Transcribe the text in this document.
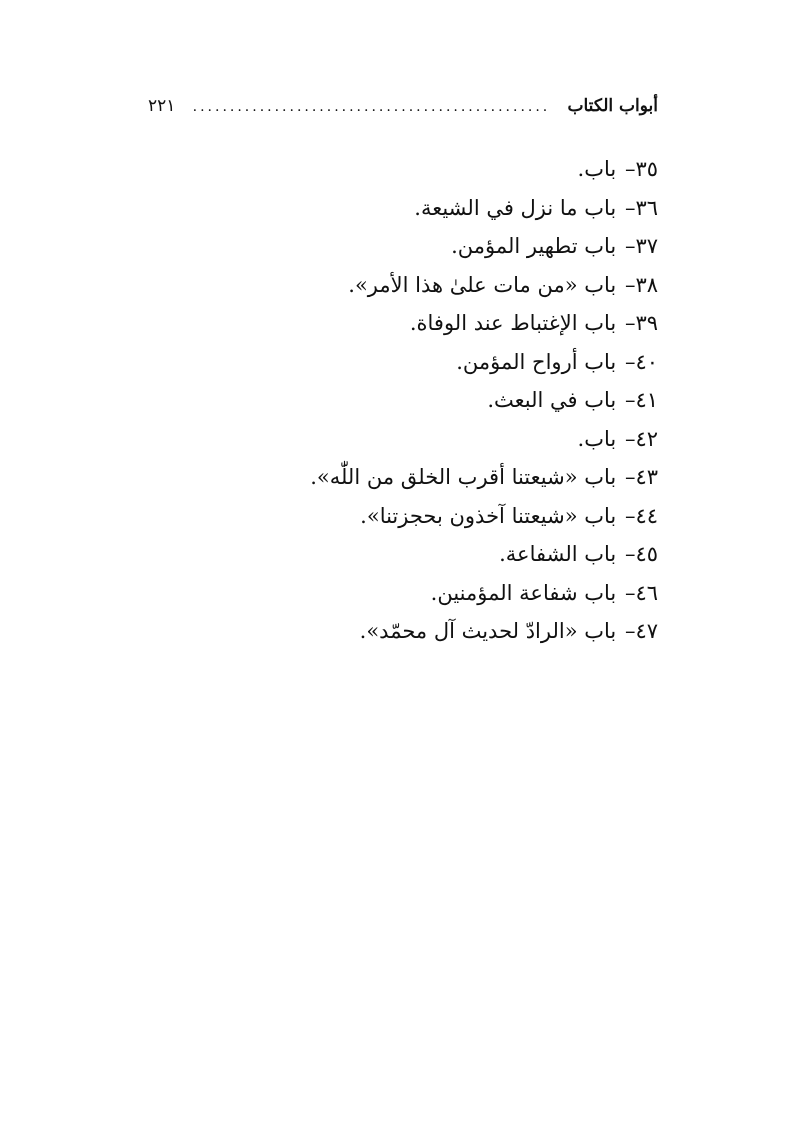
أبواب الكتاب
................................................
٢٢١
٣٥– باب.
٣٦– باب ما نزل في الشيعة.
٣٧– باب تطهير المؤمن.
٣٨– باب «من مات علىٰ هذا الأمر».
٣٩– باب الإغتباط عند الوفاة.
٤٠– باب أرواح المؤمن.
٤١– باب في البعث.
٤٢– باب.
٤٣– باب «شيعتنا أقرب الخلق من اللّٰه».
٤٤– باب «شيعتنا آخذون بحجزتنا».
٤٥– باب الشفاعة.
٤٦– باب شفاعة المؤمنين.
٤٧– باب «الرادّ لحديث آل محمّد».
